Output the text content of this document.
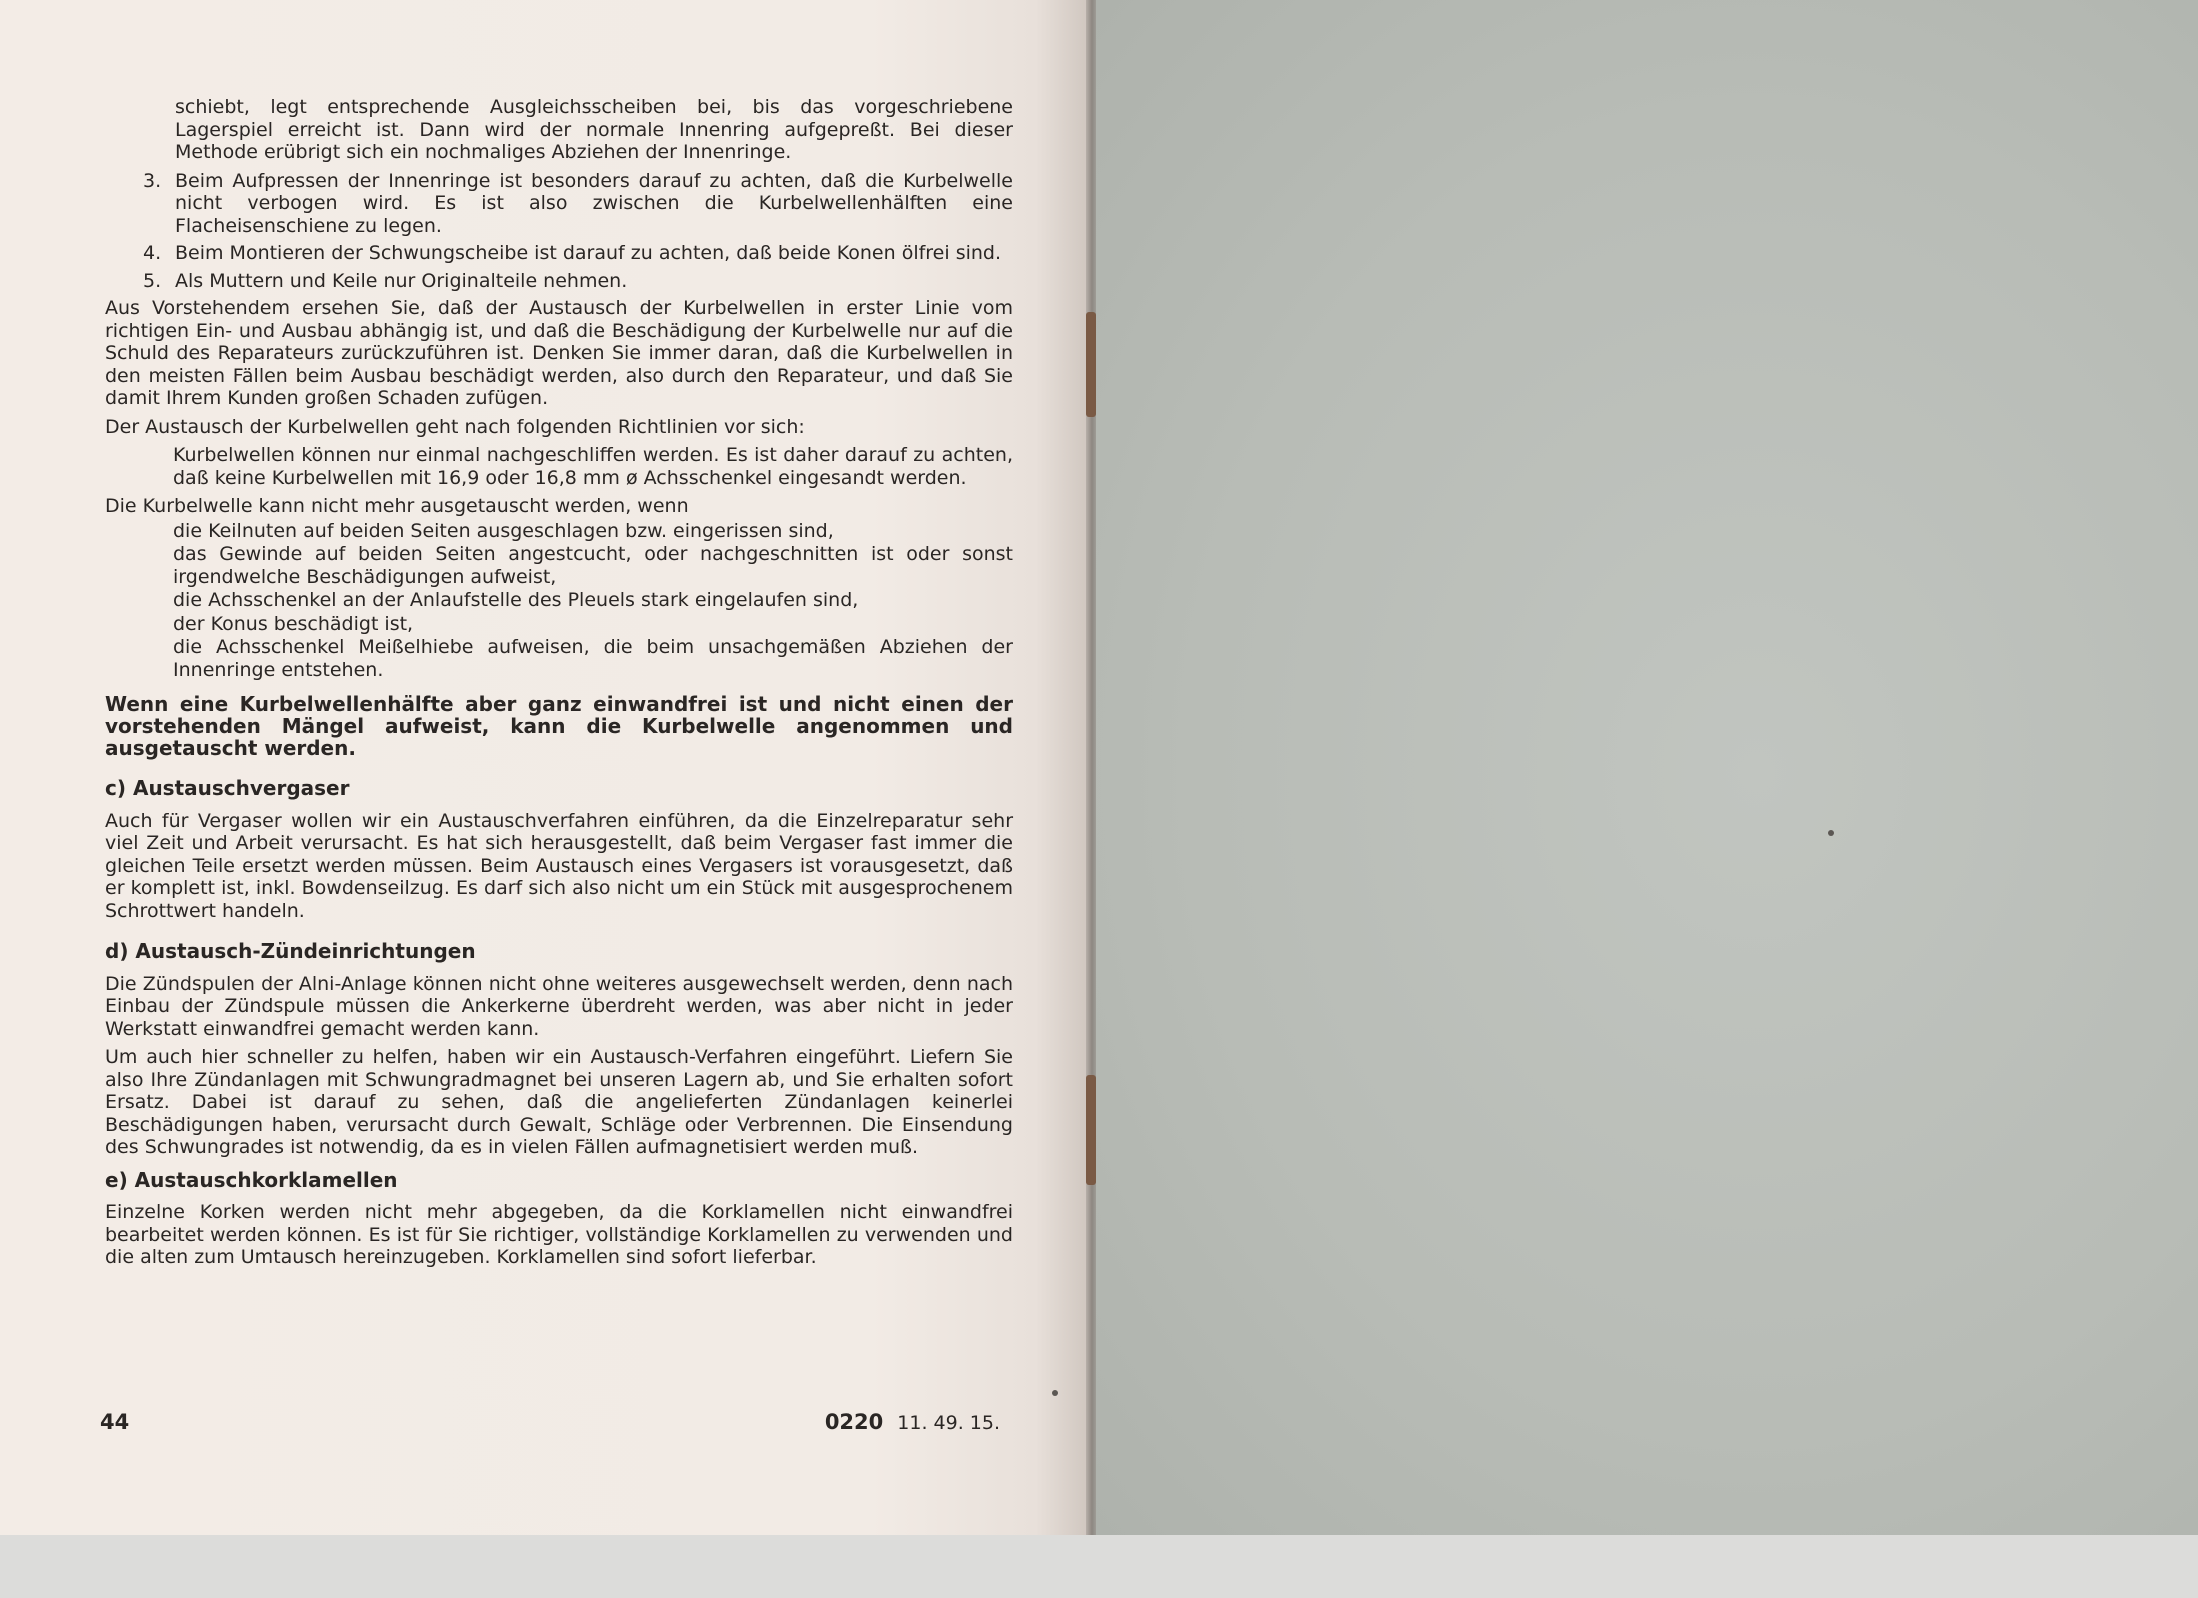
schiebt, legt entsprechende Ausgleichsscheiben bei, bis das vorgeschriebene Lagerspiel erreicht ist. Dann wird der normale Innenring aufgepreßt. Bei dieser Methode erübrigt sich ein nochmaliges Abziehen der Innenringe.

3. Beim Aufpressen der Innenringe ist besonders darauf zu achten, daß die Kurbelwelle nicht verbogen wird. Es ist also zwischen die Kurbelwellenhälften eine Flacheisenschiene zu legen.

4. Beim Montieren der Schwungscheibe ist darauf zu achten, daß beide Konen ölfrei sind.

5. Als Muttern und Keile nur Originalteile nehmen.

Aus Vorstehendem ersehen Sie, daß der Austausch der Kurbelwellen in erster Linie vom richtigen Ein- und Ausbau abhängig ist, und daß die Beschädigung der Kurbelwelle nur auf die Schuld des Reparateurs zurückzuführen ist. Denken Sie immer daran, daß die Kurbelwellen in den meisten Fällen beim Ausbau beschädigt werden, also durch den Reparateur, und daß Sie damit Ihrem Kunden großen Schaden zufügen.

Der Austausch der Kurbelwellen geht nach folgenden Richtlinien vor sich:

Kurbelwellen können nur einmal nachgeschliffen werden. Es ist daher darauf zu achten, daß keine Kurbelwellen mit 16,9 oder 16,8 mm ø Achsschenkel eingesandt werden.

Die Kurbelwelle kann nicht mehr ausgetauscht werden, wenn

die Keilnuten auf beiden Seiten ausgeschlagen bzw. eingerissen sind,
das Gewinde auf beiden Seiten angestcucht, oder nachgeschnitten ist oder sonst irgendwelche Beschädigungen aufweist,
die Achsschenkel an der Anlaufstelle des Pleuels stark eingelaufen sind,
der Konus beschädigt ist,
die Achsschenkel Meißelhiebe aufweisen, die beim unsachgemäßen Abziehen der Innenringe entstehen.

Wenn eine Kurbelwellenhälfte aber ganz einwandfrei ist und nicht einen der vorstehenden Mängel aufweist, kann die Kurbelwelle angenommen und ausgetauscht werden.

c) Austauschvergaser

Auch für Vergaser wollen wir ein Austauschverfahren einführen, da die Einzelreparatur sehr viel Zeit und Arbeit verursacht. Es hat sich herausgestellt, daß beim Vergaser fast immer die gleichen Teile ersetzt werden müssen. Beim Austausch eines Vergasers ist vorausgesetzt, daß er komplett ist, inkl. Bowdenseilzug. Es darf sich also nicht um ein Stück mit ausgesprochenem Schrottwert handeln.

d) Austausch-Zündeinrichtungen

Die Zündspulen der Alni-Anlage können nicht ohne weiteres ausgewechselt werden, denn nach Einbau der Zündspule müssen die Ankerkerne überdreht werden, was aber nicht in jeder Werkstatt einwandfrei gemacht werden kann.

Um auch hier schneller zu helfen, haben wir ein Austausch-Verfahren eingeführt. Liefern Sie also Ihre Zündanlagen mit Schwungradmagnet bei unseren Lagern ab, und Sie erhalten sofort Ersatz. Dabei ist darauf zu sehen, daß die angelieferten Zündanlagen keinerlei Beschädigungen haben, verursacht durch Gewalt, Schläge oder Verbrennen. Die Einsendung des Schwungrades ist notwendig, da es in vielen Fällen aufmagnetisiert werden muß.

e) Austauschkorklamellen

Einzelne Korken werden nicht mehr abgegeben, da die Korklamellen nicht einwandfrei bearbeitet werden können. Es ist für Sie richtiger, vollständige Korklamellen zu verwenden und die alten zum Umtausch hereinzugeben. Korklamellen sind sofort lieferbar.

44	0220 11. 49. 15.
